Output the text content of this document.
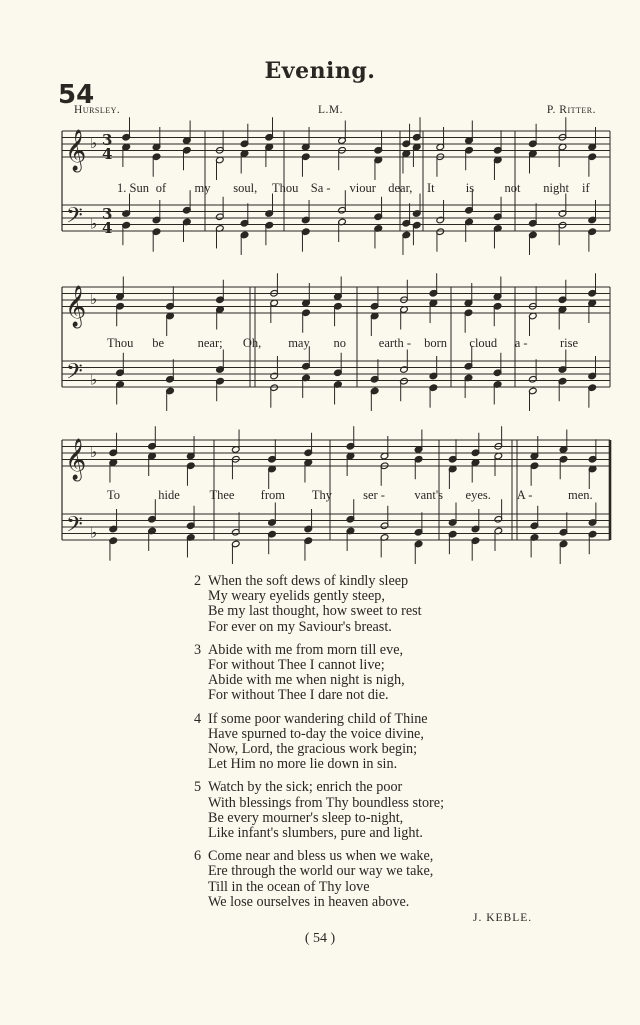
Evening.
54
Hursley.	L.M.	P. Ritter.
𝄞
𝄢
♭
♭
3
4
3
4
𝄞
𝄢
♭
♭
𝄞
𝄢
♭
♭
1. Sun of my soul, Thou Sa - viour dear, It is not night if
Thou be	near; Oh, may no	earth - born cloud a -	rise
To	hide Thee from Thy ser - vant's eyes. A -	men.
2 When the soft dews of kindly sleep
My weary eyelids gently steep,
Be my last thought, how sweet to rest
For ever on my Saviour's breast.
3 Abide with me from morn till eve,
For without Thee I cannot live;
Abide with me when night is nigh,
For without Thee I dare not die.
4 If some poor wandering child of Thine
Have spurned to-day the voice divine,
Now, Lord, the gracious work begin;
Let Him no more lie down in sin.
5 Watch by the sick; enrich the poor
With blessings from Thy boundless store;
Be every mourner's sleep to-night,
Like infant's slumbers, pure and light.
6 Come near and bless us when we wake,
Ere through the world our way we take,
Till in the ocean of Thy love
We lose ourselves in heaven above.
J. KEBLE.
( 54 )
